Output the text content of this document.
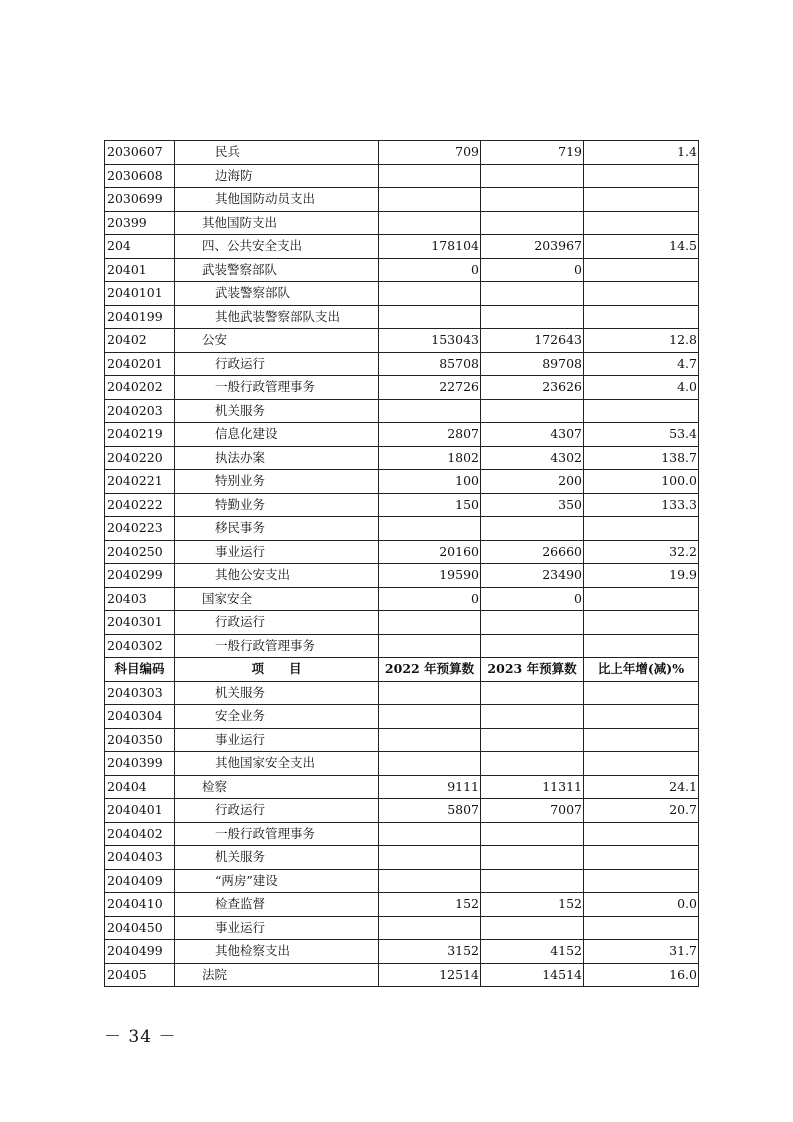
2030607	民兵	709	719	1.4
2030608	边海防			
2030699	其他国防动员支出			
20399	其他国防支出			
204	四、公共安全支出	178104	203967	14.5
20401	武装警察部队	0	0	
2040101	武装警察部队			
2040199	其他武装警察部队支出			
20402	公安	153043	172643	12.8
2040201	行政运行	85708	89708	4.7
2040202	一般行政管理事务	22726	23626	4.0
2040203	机关服务			
2040219	信息化建设	2807	4307	53.4
2040220	执法办案	1802	4302	138.7
2040221	特别业务	100	200	100.0
2040222	特勤业务	150	350	133.3
2040223	移民事务			
2040250	事业运行	20160	26660	32.2
2040299	其他公安支出	19590	23490	19.9
20403	国家安全	0	0	
2040301	行政运行			
2040302	一般行政管理事务			
科目编码	项　　目	2022 年预算数	2023 年预算数	比上年增(减)%
2040303	机关服务			
2040304	安全业务			
2040350	事业运行			
2040399	其他国家安全支出			
20404	检察	9111	11311	24.1
2040401	行政运行	5807	7007	20.7
2040402	一般行政管理事务			
2040403	机关服务			
2040409	“两房”建设			
2040410	检查监督	152	152	0.0
2040450	事业运行			
2040499	其他检察支出	3152	4152	31.7
20405	法院	12514	14514	16.0
－ 34 －
